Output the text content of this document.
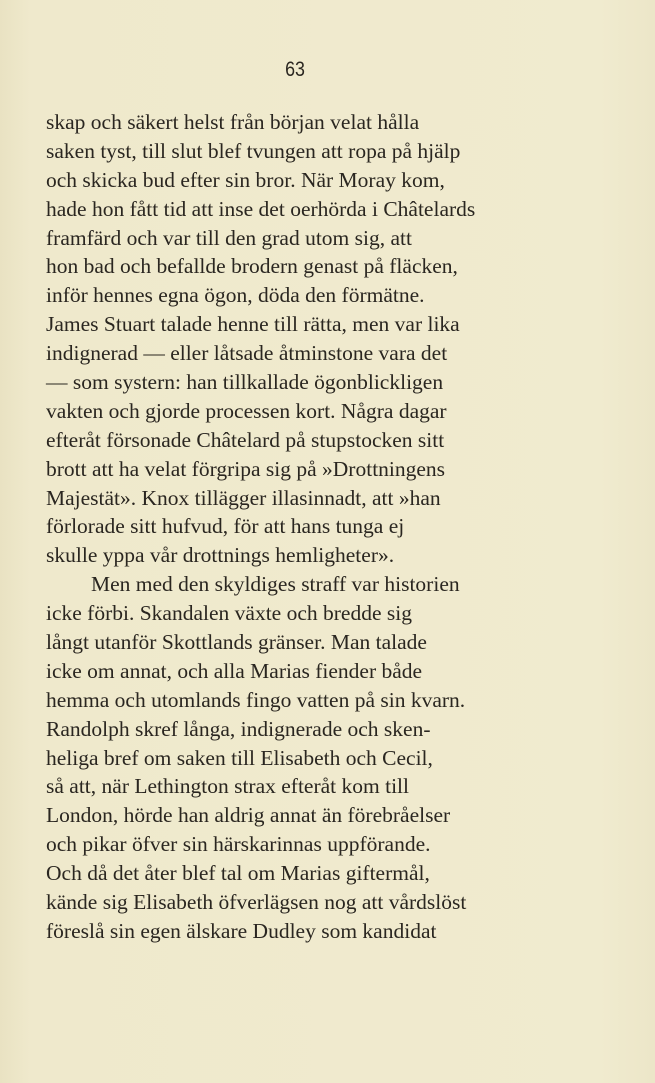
63
skap och säkert helst från början velat hålla
saken tyst, till slut blef tvungen att ropa på hjälp
och skicka bud efter sin bror. När Moray kom,
hade hon fått tid att inse det oerhörda i Châtelards
framfärd och var till den grad utom sig, att
hon bad och befallde brodern genast på fläcken,
inför hennes egna ögon, döda den förmätne.
James Stuart talade henne till rätta, men var lika
indignerad — eller låtsade åtminstone vara det
— som systern: han tillkallade ögonblickligen
vakten och gjorde processen kort. Några dagar
efteråt försonade Châtelard på stupstocken sitt
brott att ha velat förgripa sig på »Drottningens
Majestät». Knox tillägger illasinnadt, att »han
förlorade sitt hufvud, för att hans tunga ej
skulle yppa vår drottnings hemligheter».
Men med den skyldiges straff var historien
icke förbi. Skandalen växte och bredde sig
långt utanför Skottlands gränser. Man talade
icke om annat, och alla Marias fiender både
hemma och utomlands fingo vatten på sin kvarn.
Randolph skref långa, indignerade och sken-
heliga bref om saken till Elisabeth och Cecil,
så att, när Lethington strax efteråt kom till
London, hörde han aldrig annat än förebråelser
och pikar öfver sin härskarinnas uppförande.
Och då det åter blef tal om Marias giftermål,
kände sig Elisabeth öfverlägsen nog att vårdslöst
föreslå sin egen älskare Dudley som kandidat
